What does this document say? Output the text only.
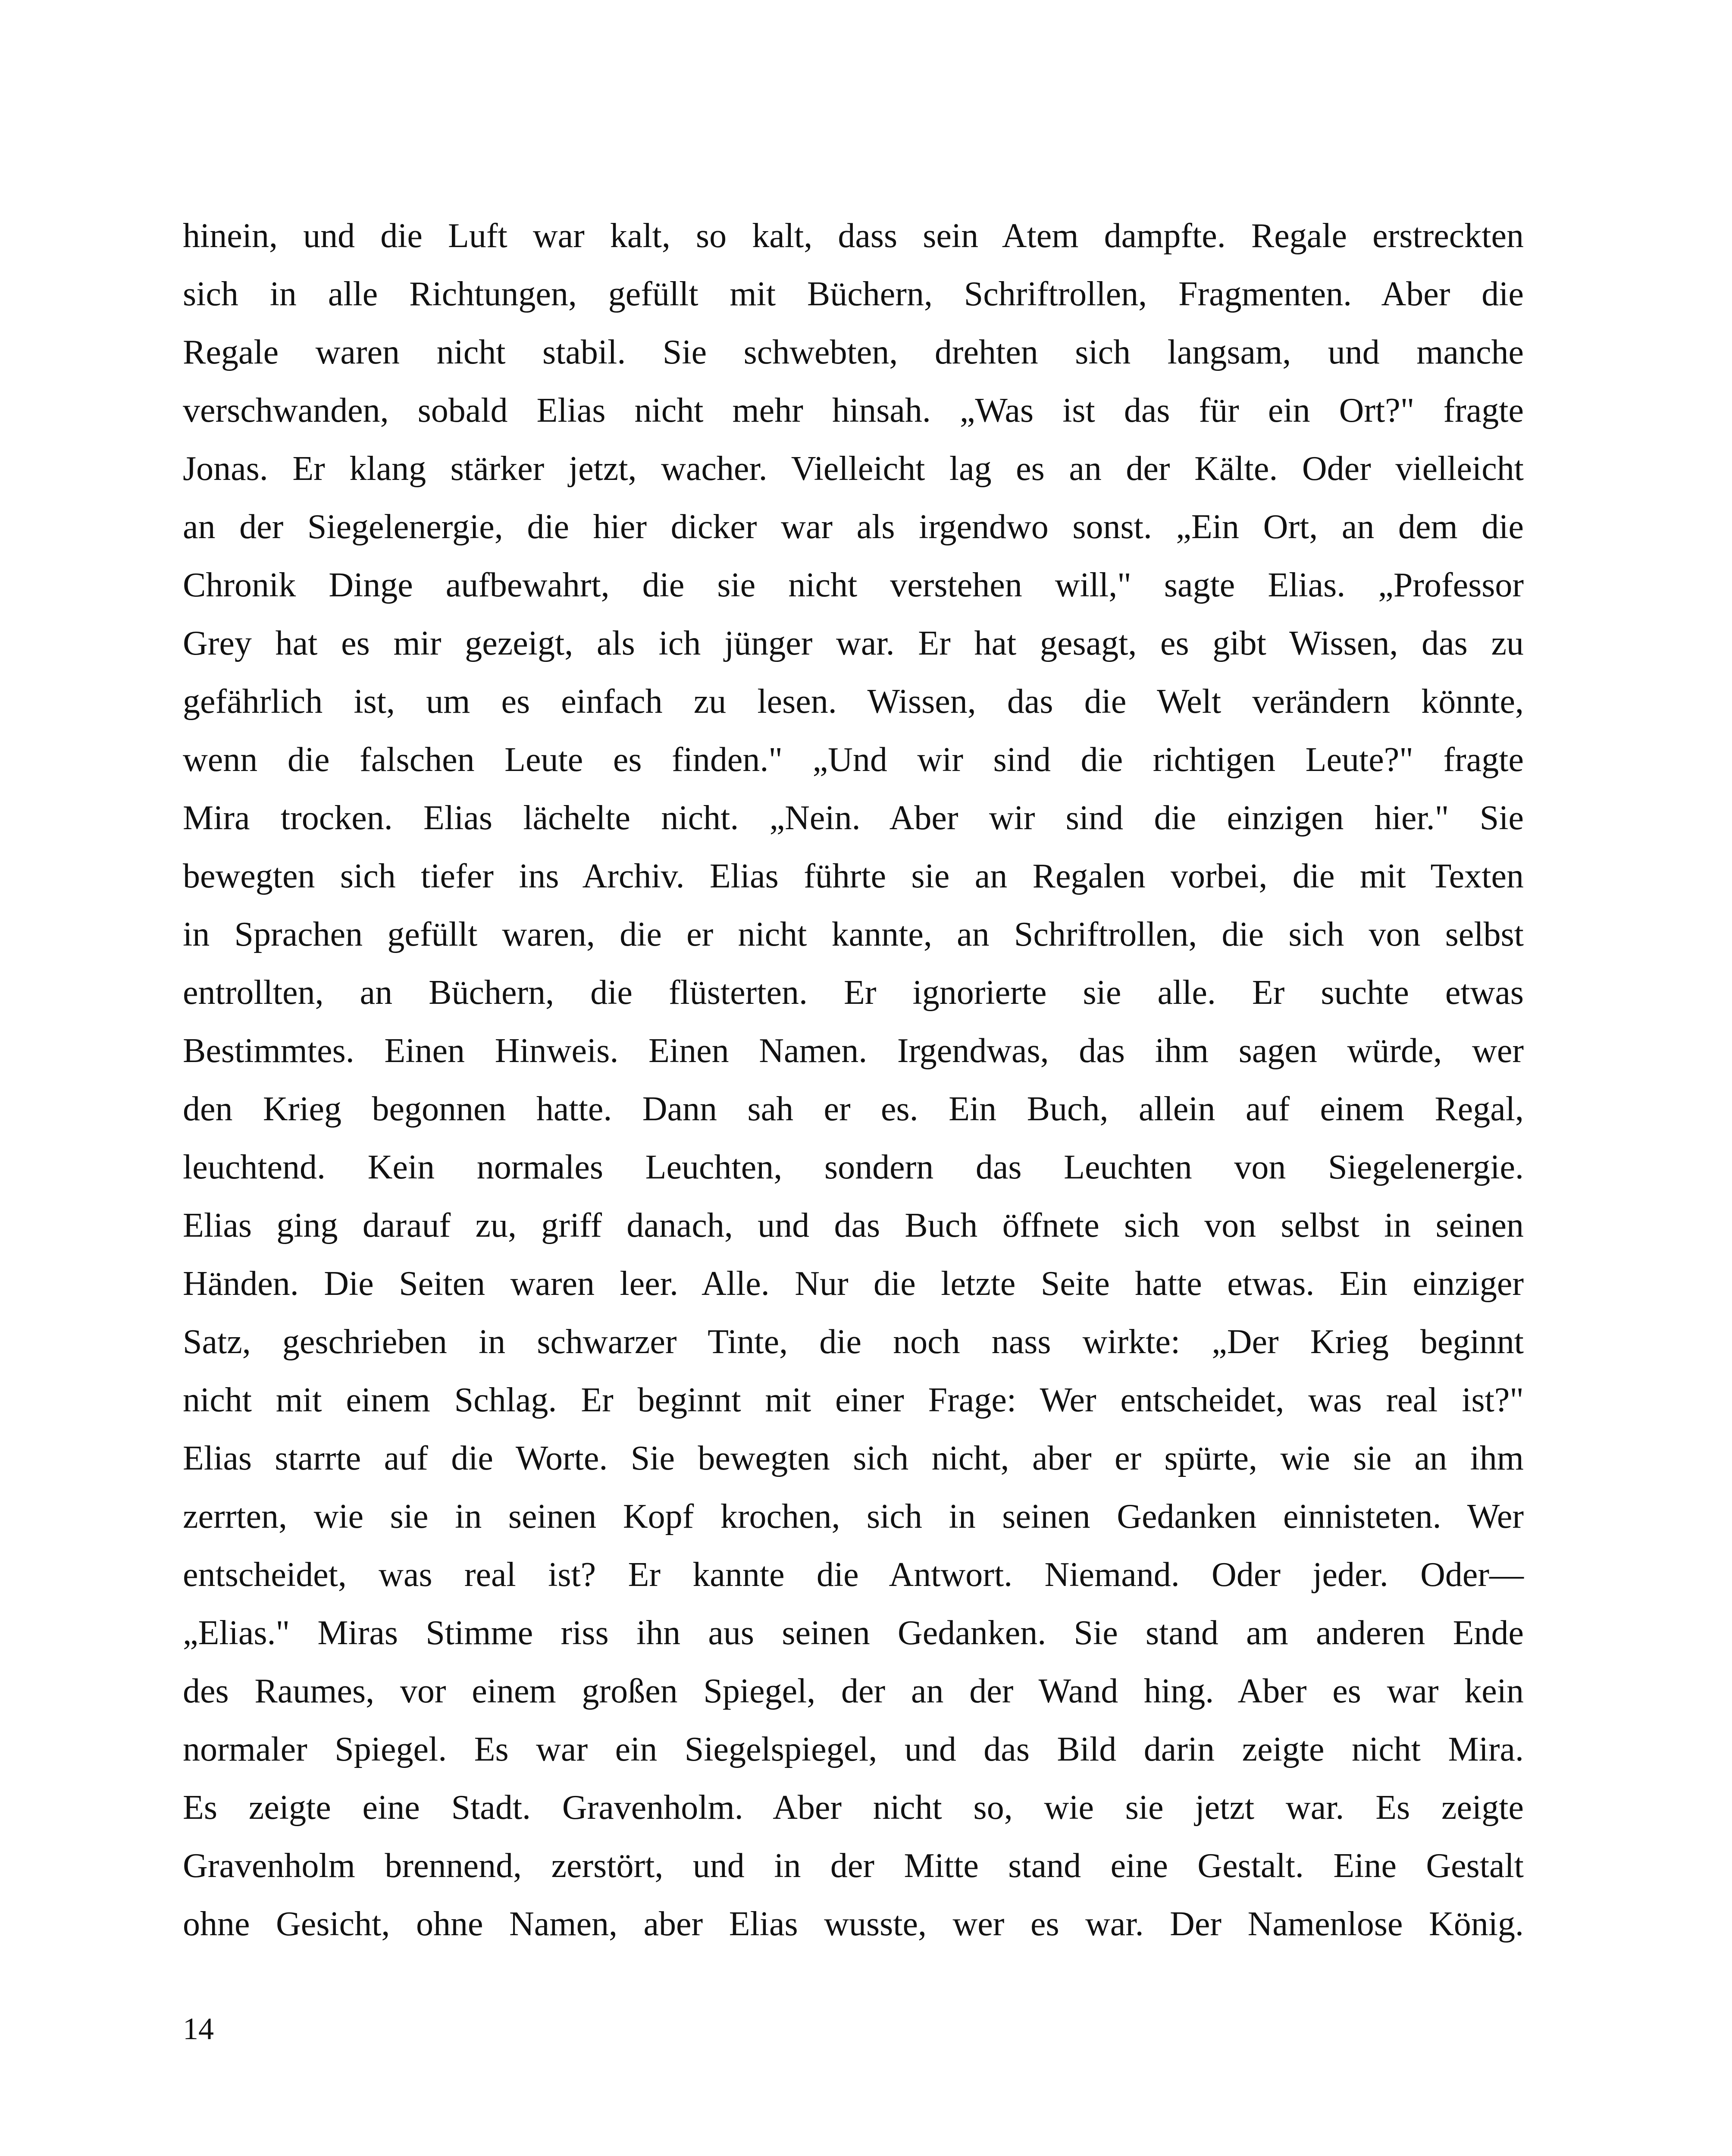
hinein, und die Luft war kalt, so kalt, dass sein Atem dampfte. Regale erstreckten
sich in alle Richtungen, gefüllt mit Büchern, Schriftrollen, Fragmenten. Aber die
Regale waren nicht stabil. Sie schwebten, drehten sich langsam, und manche
verschwanden, sobald Elias nicht mehr hinsah. „Was ist das für ein Ort?" fragte
Jonas. Er klang stärker jetzt, wacher. Vielleicht lag es an der Kälte. Oder vielleicht
an der Siegelenergie, die hier dicker war als irgendwo sonst. „Ein Ort, an dem die
Chronik Dinge aufbewahrt, die sie nicht verstehen will," sagte Elias. „Professor
Grey hat es mir gezeigt, als ich jünger war. Er hat gesagt, es gibt Wissen, das zu
gefährlich ist, um es einfach zu lesen. Wissen, das die Welt verändern könnte,
wenn die falschen Leute es finden." „Und wir sind die richtigen Leute?" fragte
Mira trocken. Elias lächelte nicht. „Nein. Aber wir sind die einzigen hier." Sie
bewegten sich tiefer ins Archiv. Elias führte sie an Regalen vorbei, die mit Texten
in Sprachen gefüllt waren, die er nicht kannte, an Schriftrollen, die sich von selbst
entrollten, an Büchern, die flüsterten. Er ignorierte sie alle. Er suchte etwas
Bestimmtes. Einen Hinweis. Einen Namen. Irgendwas, das ihm sagen würde, wer
den Krieg begonnen hatte. Dann sah er es. Ein Buch, allein auf einem Regal,
leuchtend. Kein normales Leuchten, sondern das Leuchten von Siegelenergie.
Elias ging darauf zu, griff danach, und das Buch öffnete sich von selbst in seinen
Händen. Die Seiten waren leer. Alle. Nur die letzte Seite hatte etwas. Ein einziger
Satz, geschrieben in schwarzer Tinte, die noch nass wirkte: „Der Krieg beginnt
nicht mit einem Schlag. Er beginnt mit einer Frage: Wer entscheidet, was real ist?"
Elias starrte auf die Worte. Sie bewegten sich nicht, aber er spürte, wie sie an ihm
zerrten, wie sie in seinen Kopf krochen, sich in seinen Gedanken einnisteten. Wer
entscheidet, was real ist? Er kannte die Antwort. Niemand. Oder jeder. Oder—
„Elias." Miras Stimme riss ihn aus seinen Gedanken. Sie stand am anderen Ende
des Raumes, vor einem großen Spiegel, der an der Wand hing. Aber es war kein
normaler Spiegel. Es war ein Siegelspiegel, und das Bild darin zeigte nicht Mira.
Es zeigte eine Stadt. Gravenholm. Aber nicht so, wie sie jetzt war. Es zeigte
Gravenholm brennend, zerstört, und in der Mitte stand eine Gestalt. Eine Gestalt
ohne Gesicht, ohne Namen, aber Elias wusste, wer es war. Der Namenlose König.
14
